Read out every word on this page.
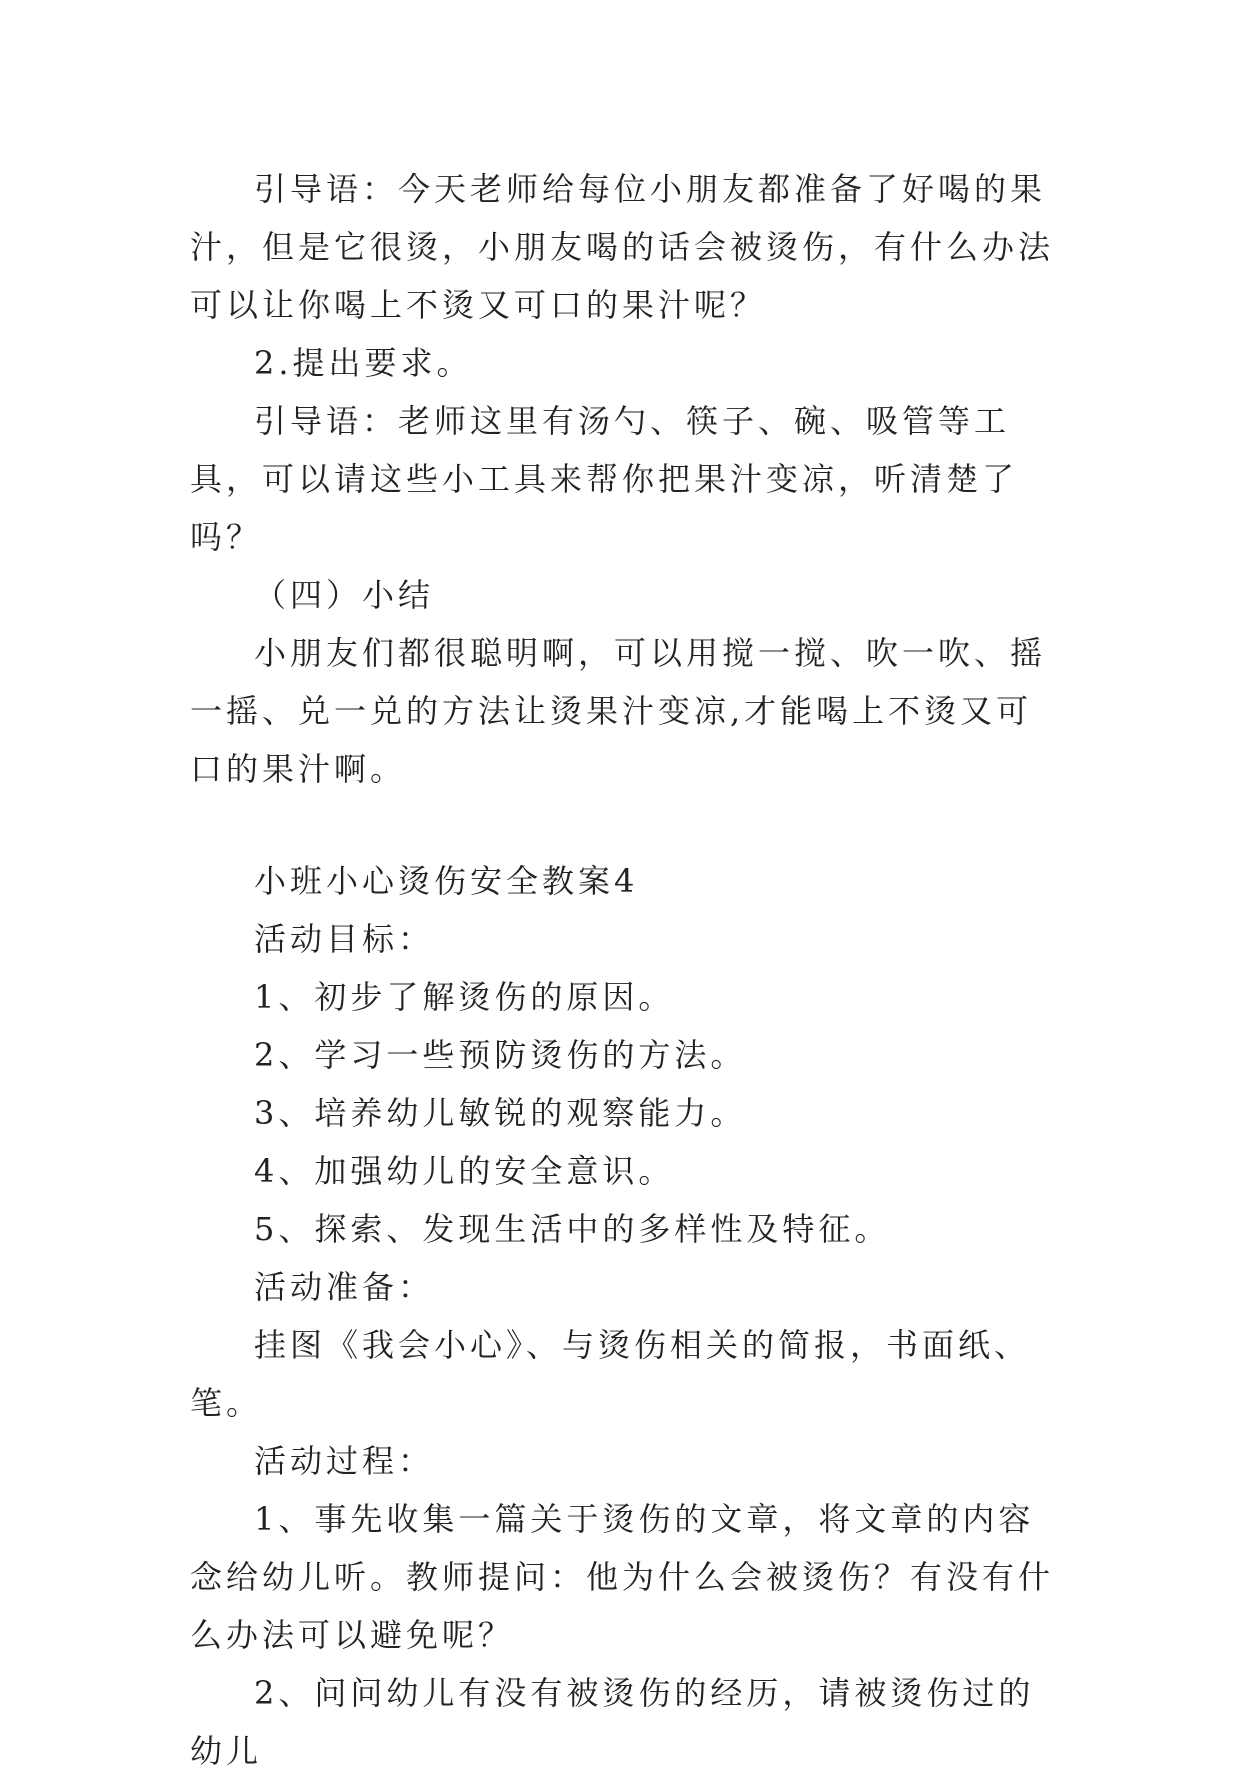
引导语：今天老师给每位小朋友都准备了好喝的果汁，但是它很烫，小朋友喝的话会被烫伤，有什么办法可以让你喝上不烫又可口的果汁呢？

2.提出要求。

引导语：老师这里有汤勺、筷子、碗、吸管等工具，可以请这些小工具来帮你把果汁变凉，听清楚了吗？

（四）小结

小朋友们都很聪明啊，可以用搅一搅、吹一吹、摇一摇、兑一兑的方法让烫果汁变凉,才能喝上不烫又可口的果汁啊。

小班小心烫伤安全教案4

活动目标：

1、初步了解烫伤的原因。

2、学习一些预防烫伤的方法。

3、培养幼儿敏锐的观察能力。

4、加强幼儿的安全意识。

5、探索、发现生活中的多样性及特征。

活动准备：

挂图《我会小心》、与烫伤相关的简报，书面纸、笔。

活动过程：

1、事先收集一篇关于烫伤的文章，将文章的内容念给幼儿听。教师提问：他为什么会被烫伤？有没有什么办法可以避免呢？

2、问问幼儿有没有被烫伤的经历，请被烫伤过的幼儿
